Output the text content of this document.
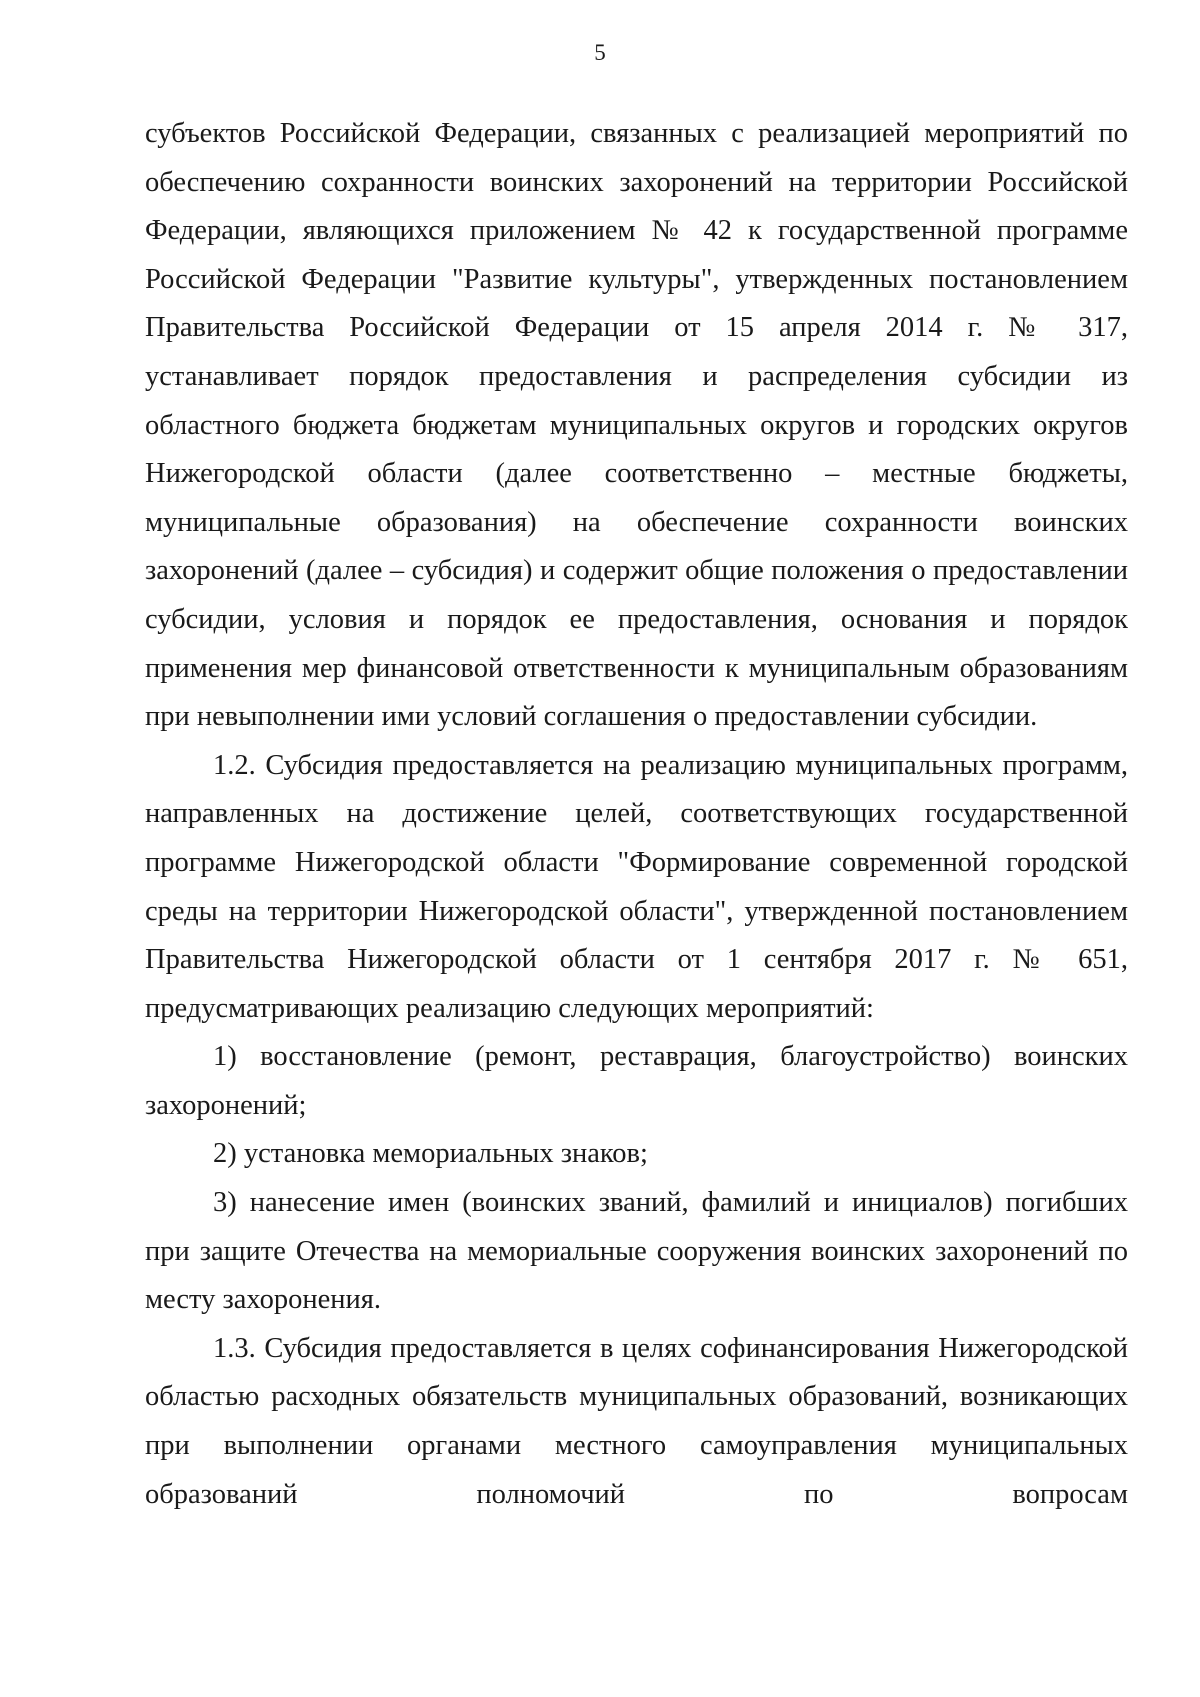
5

субъектов Российской Федерации, связанных с реализацией мероприятий по обеспечению сохранности воинских захоронений на территории Российской Федерации, являющихся приложением № 42 к государственной программе Российской Федерации "Развитие культуры", утвержденных постановлением Правительства Российской Федерации от 15 апреля 2014 г. № 317, устанавливает порядок предоставления и распределения субсидии из областного бюджета бюджетам муниципальных округов и городских округов Нижегородской области (далее соответственно – местные бюджеты, муниципальные образования) на обеспечение сохранности воинских захоронений (далее – субсидия) и содержит общие положения о предоставлении субсидии, условия и порядок ее предоставления, основания и порядок применения мер финансовой ответственности к муниципальным образованиям при невыполнении ими условий соглашения о предоставлении субсидии.

1.2. Субсидия предоставляется на реализацию муниципальных программ, направленных на достижение целей, соответствующих государственной программе Нижегородской области "Формирование современной городской среды на территории Нижегородской области", утвержденной постановлением Правительства Нижегородской области от 1 сентября 2017 г. № 651, предусматривающих реализацию следующих мероприятий:

1) восстановление (ремонт, реставрация, благоустройство) воинских захоронений;

2) установка мемориальных знаков;

3) нанесение имен (воинских званий, фамилий и инициалов) погибших при защите Отечества на мемориальные сооружения воинских захоронений по месту захоронения.

1.3. Субсидия предоставляется в целях софинансирования Нижегородской областью расходных обязательств муниципальных образований, возникающих при выполнении органами местного самоуправления муниципальных образований полномочий по вопросам
